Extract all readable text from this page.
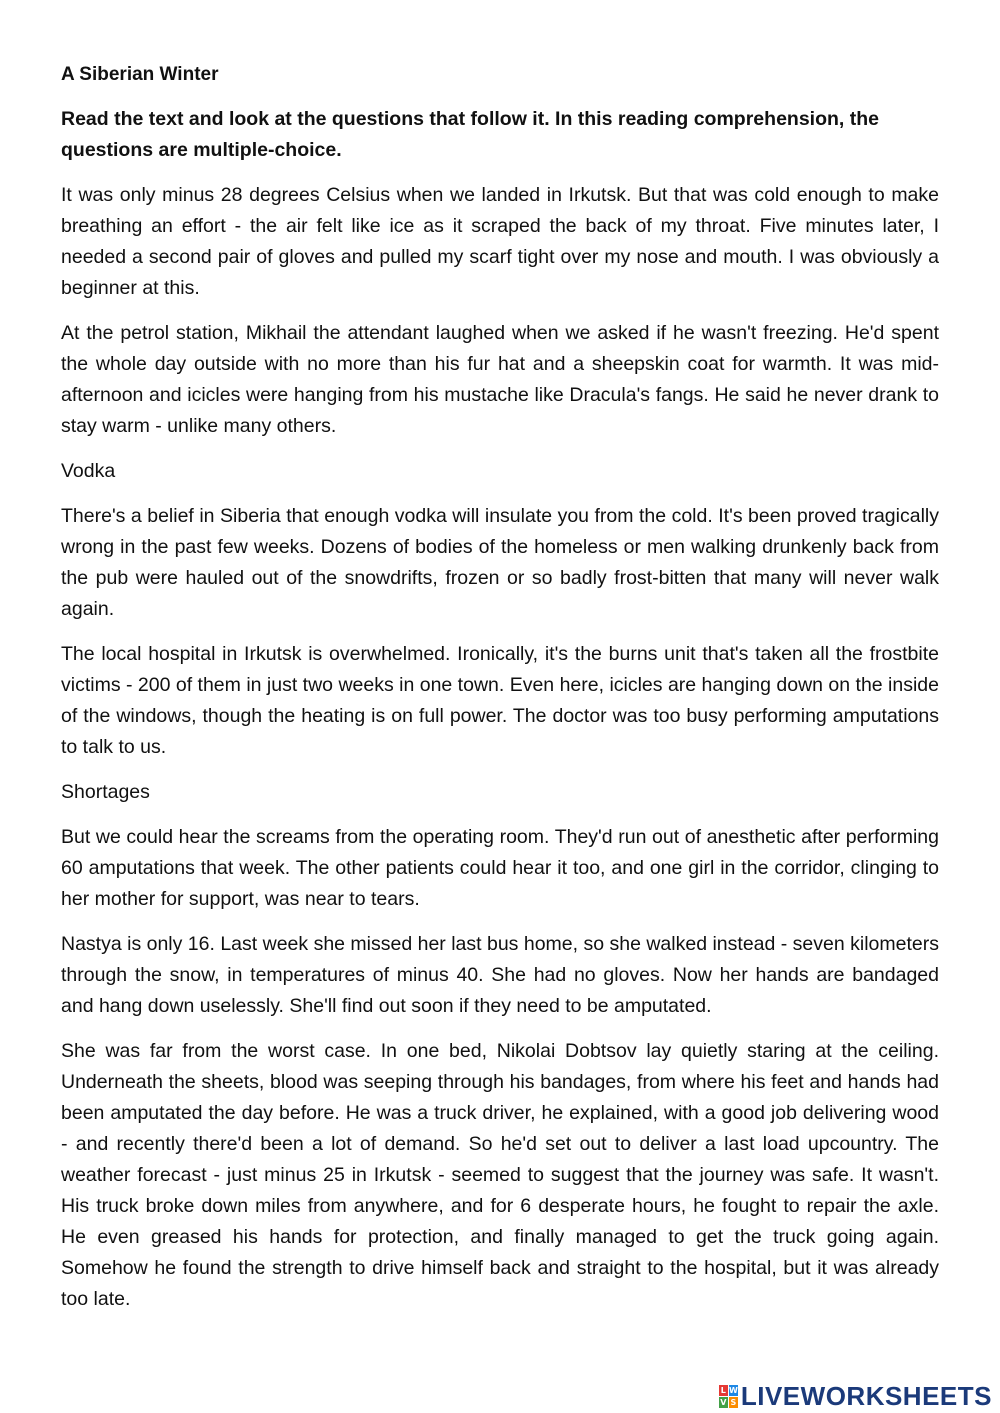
A Siberian Winter
Read the text and look at the questions that follow it. In this reading comprehension, the questions are multiple-choice.

It was only minus 28 degrees Celsius when we landed in Irkutsk. But that was cold enough to make breathing an effort - the air felt like ice as it scraped the back of my throat. Five minutes later, I needed a second pair of gloves and pulled my scarf tight over my nose and mouth. I was obviously a beginner at this.

At the petrol station, Mikhail the attendant laughed when we asked if he wasn't freezing. He'd spent the whole day outside with no more than his fur hat and a sheepskin coat for warmth. It was mid-afternoon and icicles were hanging from his mustache like Dracula's fangs. He said he never drank to stay warm - unlike many others.

Vodka

There's a belief in Siberia that enough vodka will insulate you from the cold. It's been proved tragically wrong in the past few weeks. Dozens of bodies of the homeless or men walking drunkenly back from the pub were hauled out of the snowdrifts, frozen or so badly frost-bitten that many will never walk again.

The local hospital in Irkutsk is overwhelmed. Ironically, it's the burns unit that's taken all the frostbite victims - 200 of them in just two weeks in one town. Even here, icicles are hanging down on the inside of the windows, though the heating is on full power. The doctor was too busy performing amputations to talk to us.

Shortages

But we could hear the screams from the operating room. They'd run out of anesthetic after performing 60 amputations that week. The other patients could hear it too, and one girl in the corridor, clinging to her mother for support, was near to tears.

Nastya is only 16. Last week she missed her last bus home, so she walked instead - seven kilometers through the snow, in temperatures of minus 40. She had no gloves. Now her hands are bandaged and hang down uselessly. She'll find out soon if they need to be amputated.

She was far from the worst case. In one bed, Nikolai Dobtsov lay quietly staring at the ceiling. Underneath the sheets, blood was seeping through his bandages, from where his feet and hands had been amputated the day before. He was a truck driver, he explained, with a good job delivering wood - and recently there'd been a lot of demand. So he'd set out to deliver a last load upcountry. The weather forecast - just minus 25 in Irkutsk - seemed to suggest that the journey was safe. It wasn't. His truck broke down miles from anywhere, and for 6 desperate hours, he fought to repair the axle. He even greased his hands for protection, and finally managed to get the truck going again. Somehow he found the strength to drive himself back and straight to the hospital, but it was already too late.

L W
V S LIVEWORKSHEETS
